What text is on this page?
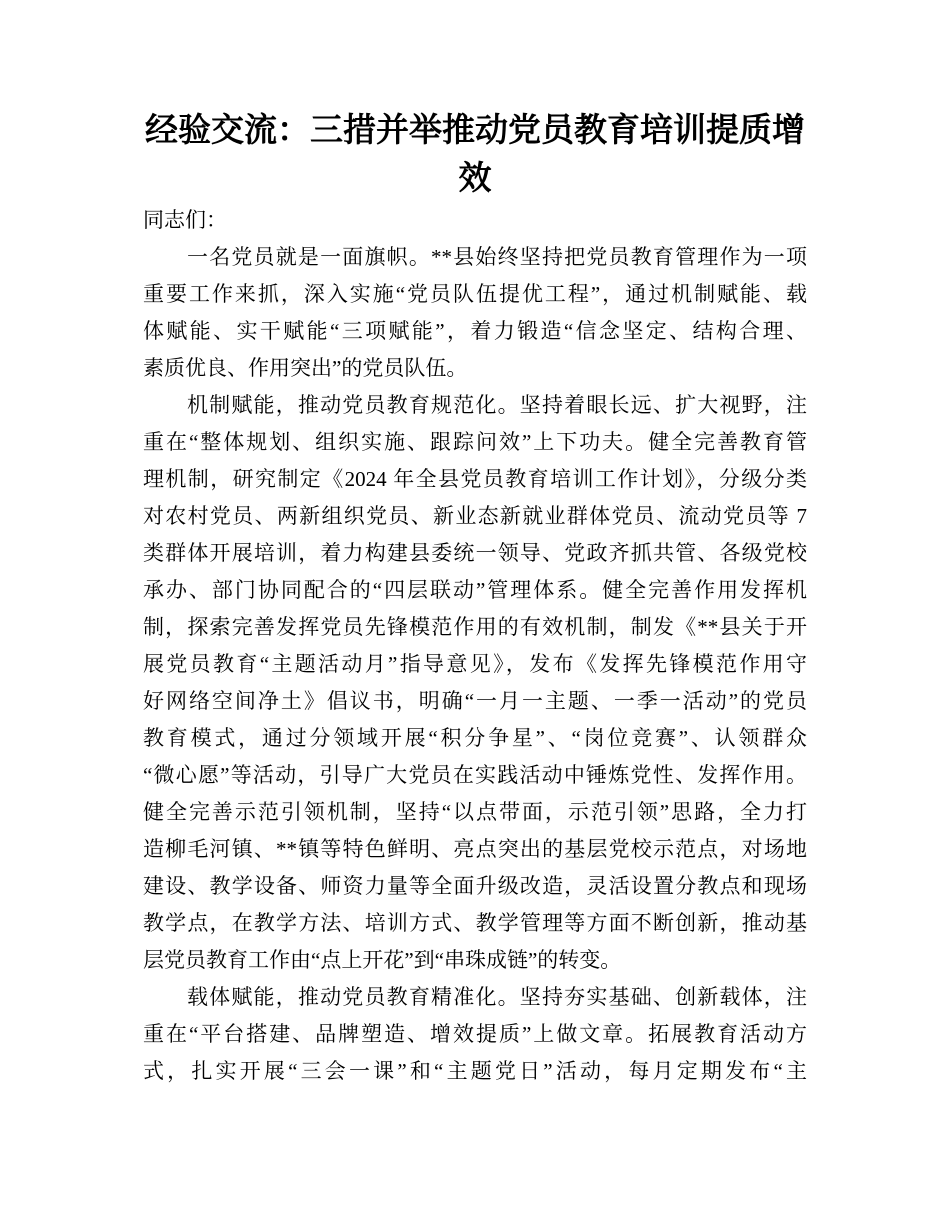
经验交流：三措并举推动党员教育培训提质增
效
同志们：
一名党员就是一面旗帜。**县始终坚持把党员教育管理作为一项
重要工作来抓，深入实施“党员队伍提优工程”，通过机制赋能、载
体赋能、实干赋能“三项赋能”，着力锻造“信念坚定、结构合理、
素质优良、作用突出”的党员队伍。
机制赋能，推动党员教育规范化。坚持着眼长远、扩大视野，注
重在“整体规划、组织实施、跟踪问效”上下功夫。健全完善教育管
理机制，研究制定《2024 年全县党员教育培训工作计划》，分级分类
对农村党员、两新组织党员、新业态新就业群体党员、流动党员等 7
类群体开展培训，着力构建县委统一领导、党政齐抓共管、各级党校
承办、部门协同配合的“四层联动”管理体系。健全完善作用发挥机
制，探索完善发挥党员先锋模范作用的有效机制，制发《**县关于开
展党员教育“主题活动月”指导意见》，发布《发挥先锋模范作用守
好网络空间净土》倡议书，明确“一月一主题、一季一活动”的党员
教育模式，通过分领域开展“积分争星”、“岗位竞赛”、认领群众
“微心愿”等活动，引导广大党员在实践活动中锤炼党性、发挥作用。
健全完善示范引领机制，坚持“以点带面，示范引领”思路，全力打
造柳毛河镇、**镇等特色鲜明、亮点突出的基层党校示范点，对场地
建设、教学设备、师资力量等全面升级改造，灵活设置分教点和现场
教学点，在教学方法、培训方式、教学管理等方面不断创新，推动基
层党员教育工作由“点上开花”到“串珠成链”的转变。
载体赋能，推动党员教育精准化。坚持夯实基础、创新载体，注
重在“平台搭建、品牌塑造、增效提质”上做文章。拓展教育活动方
式，扎实开展“三会一课”和“主题党日”活动，每月定期发布“主
